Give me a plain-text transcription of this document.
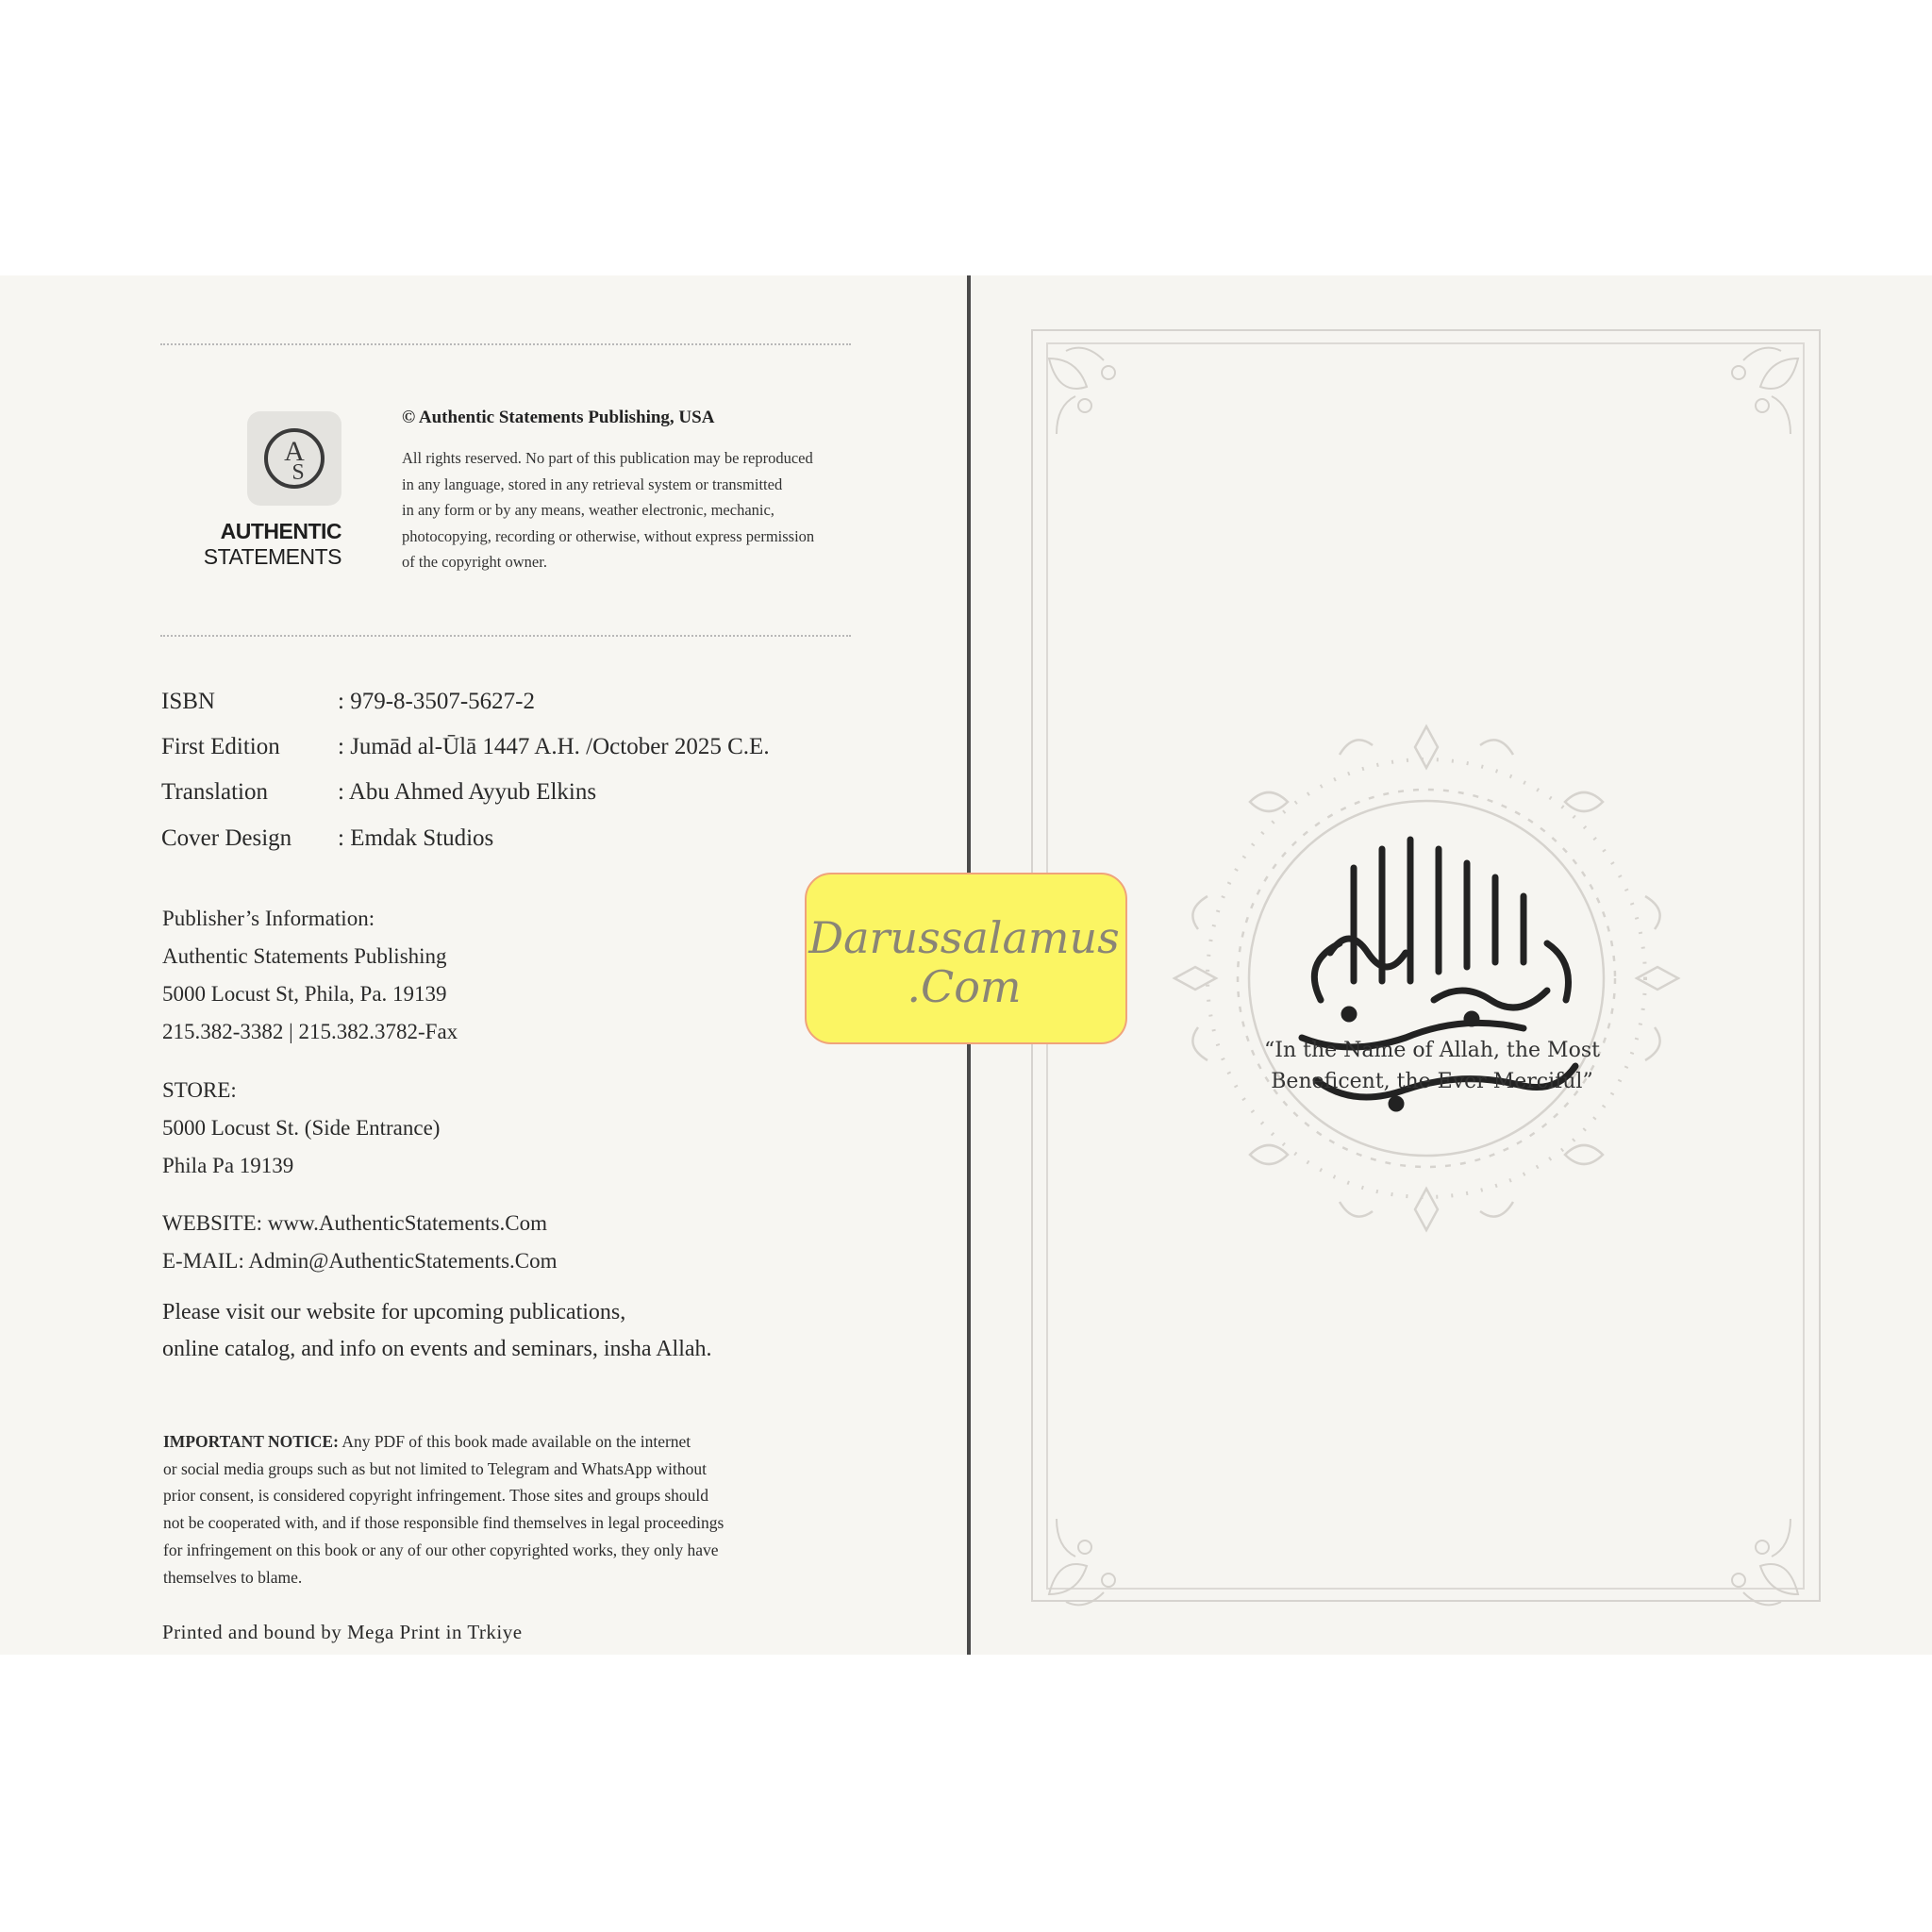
A
S
AUTHENTIC
STATEMENTS
© Authentic Statements Publishing, USA
All rights reserved. No part of this publication may be reproduced
in any language, stored in any retrieval system or transmitted
in any form or by any means, weather electronic, mechanic,
photocopying, recording or otherwise, without express permission
of the copyright owner.
ISBN	: 979-8-3507-5627-2
First Edition : Jumād al-Ūlā 1447 A.H. /October 2025 C.E.
Translation	: Abu Ahmed Ayyub Elkins
Cover Design : Emdak Studios
Publisher’s Information:
Authentic Statements Publishing
5000 Locust St, Phila, Pa. 19139
215.382-3382 | 215.382.3782-Fax
STORE:
5000 Locust St. (Side Entrance)
Phila Pa 19139
WEBSITE: www.AuthenticStatements.Com
E-MAIL: Admin@AuthenticStatements.Com
Please visit our website for upcoming publications,
online catalog, and info on events and seminars, insha Allah.
IMPORTANT NOTICE: Any PDF of this book made available on the internet
or social media groups such as but not limited to Telegram and WhatsApp without
prior consent, is considered copyright infringement. Those sites and groups should
not be cooperated with, and if those responsible find themselves in legal proceedings
for infringement on this book or any of our other copyrighted works, they only have
themselves to blame.
Printed and bound by Mega Print in Trkiye
“In the Name of Allah, the Most
Beneficent, the Ever Merciful”
Darussalamus
.Com
